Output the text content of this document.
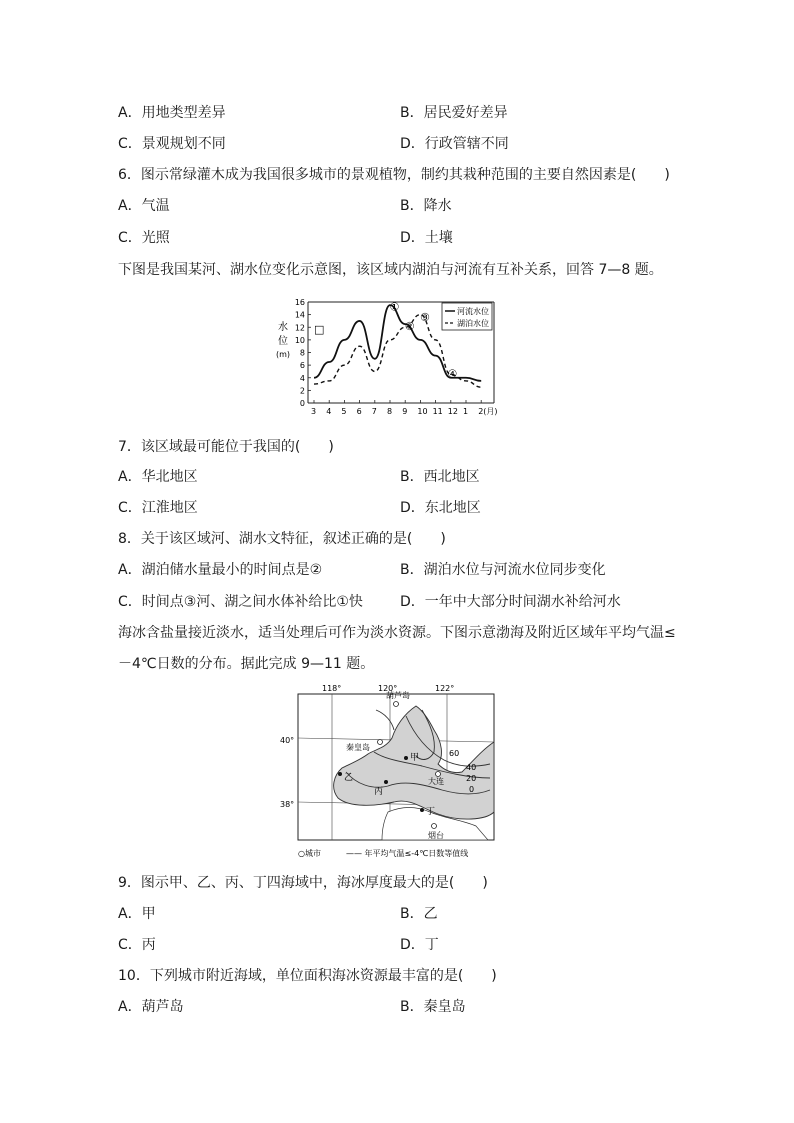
A．用地类型差异	B．居民爱好差异
C．景观规划不同	D．行政管辖不同
6．图示常绿灌木成为我国很多城市的景观植物，制约其栽种范围的主要自然因素是(　　)
A．气温	B．降水
C．光照	D．土壤
下图是我国某河、湖水位变化示意图，该区域内湖泊与河流有互补关系，回答 7—8 题。
0
2
4
6
8
10
12
14
16
3 4 5 6 7 8 9 10 11 12 1 2(月)
水
位
(m)
□
①
②
③
④
河流水位
湖泊水位
7．该区域最可能位于我国的(　　)
A．华北地区	B．西北地区
C．江淮地区	D．东北地区
8．关于该区域河、湖水文特征，叙述正确的是(　　)
A．湖泊储水量最小的时间点是②	B．湖泊水位与河流水位同步变化
C．时间点③河、湖之间水体补给比①快	D．一年中大部分时间湖水补给河水
海冰含盐量接近淡水，适当处理后可作为淡水资源。下图示意渤海及附近区域年平均气温≤
－4℃日数的分布。据此完成 9—11 题。
118°	120°	122°
40°
38°
60
40
20
0
葫芦岛
秦皇岛
大连
烟台
甲
乙
丙
丁
○城市	—— 年平均气温≤-4℃日数等值线
9．图示甲、乙、丙、丁四海域中，海冰厚度最大的是(　　)
A．甲	B．乙
C．丙	D．丁
10．下列城市附近海域，单位面积海冰资源最丰富的是(　　)
A．葫芦岛	B．秦皇岛
